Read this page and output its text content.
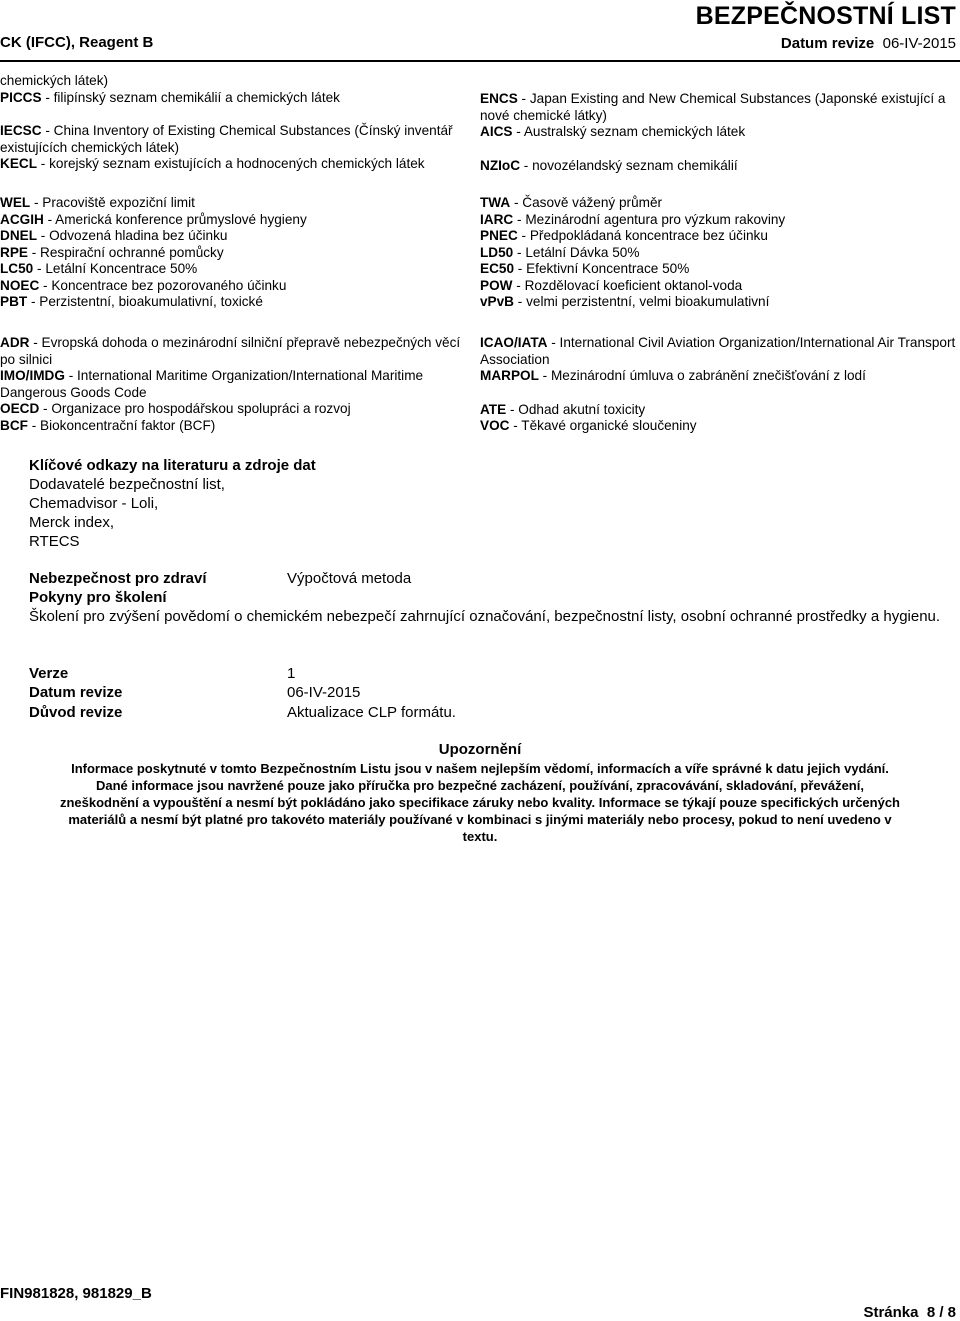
CK (IFCC), Reagent B
BEZPEČNOSTNÍ LIST
Datum revize 06-IV-2015

chemických látek)

PICCS - filipínský seznam chemikálií a chemických látek

IECSC - China Inventory of Existing Chemical Substances (Čínský inventář existujících chemických látek)

KECL - korejský seznam existujících a hodnocených chemických látek

ENCS - Japan Existing and New Chemical Substances (Japonské existující a nové chemické látky)

AICS - Australský seznam chemických látek

NZIoC - novozélandský seznam chemikálií

WEL - Pracoviště expoziční limit

ACGIH - Americká konference průmyslové hygieny

DNEL - Odvozená hladina bez účinku

RPE - Respirační ochranné pomůcky

LC50 - Letální Koncentrace 50%

NOEC - Koncentrace bez pozorovaného účinku

PBT - Perzistentní, bioakumulativní, toxické

TWA - Časově vážený průměr

IARC - Mezinárodní agentura pro výzkum rakoviny

PNEC - Předpokládaná koncentrace bez účinku

LD50 - Letální Dávka 50%

EC50 - Efektivní Koncentrace 50%

POW - Rozdělovací koeficient oktanol-voda

vPvB - velmi perzistentní, velmi bioakumulativní

ADR - Evropská dohoda o mezinárodní silniční přepravě nebezpečných věcí po silnici

IMO/IMDG - International Maritime Organization/International Maritime Dangerous Goods Code

OECD - Organizace pro hospodářskou spolupráci a rozvoj

BCF - Biokoncentrační faktor (BCF)

ICAO/IATA - International Civil Aviation Organization/International Air Transport Association

MARPOL - Mezinárodní úmluva o zabránění znečišťování z lodí

ATE - Odhad akutní toxicity

VOC - Těkavé organické sloučeniny

Klíčové odkazy na literaturu a zdroje dat

Dodavatelé bezpečnostní list,

Chemadvisor - Loli,

Merck index,

RTECS

Nebezpečnost pro zdraví	Výpočtová metoda

Pokyny pro školení

Školení pro zvýšení povědomí o chemickém nebezpečí zahrnující označování, bezpečnostní listy, osobní ochranné prostředky a hygienu.

Verze	1
Datum revize	06-IV-2015
Důvod revize	Aktualizace CLP formátu.

Upozornění

Informace poskytnuté v tomto Bezpečnostním Listu jsou v našem nejlepším vědomí, informacích a víře správné k datu jejich vydání.

Dané informace jsou navržené pouze jako příručka pro bezpečné zacházení, používání, zpracovávání, skladování, převážení,

zneškodnění a vypouštění a nesmí být pokládáno jako specifikace záruky nebo kvality. Informace se týkají pouze specifických určených

materiálů a nesmí být platné pro takovéto materiály používané v kombinaci s jinými materiály nebo procesy, pokud to není uvedeno v

textu.

FIN981828, 981829_B
Stránka 8 / 8
